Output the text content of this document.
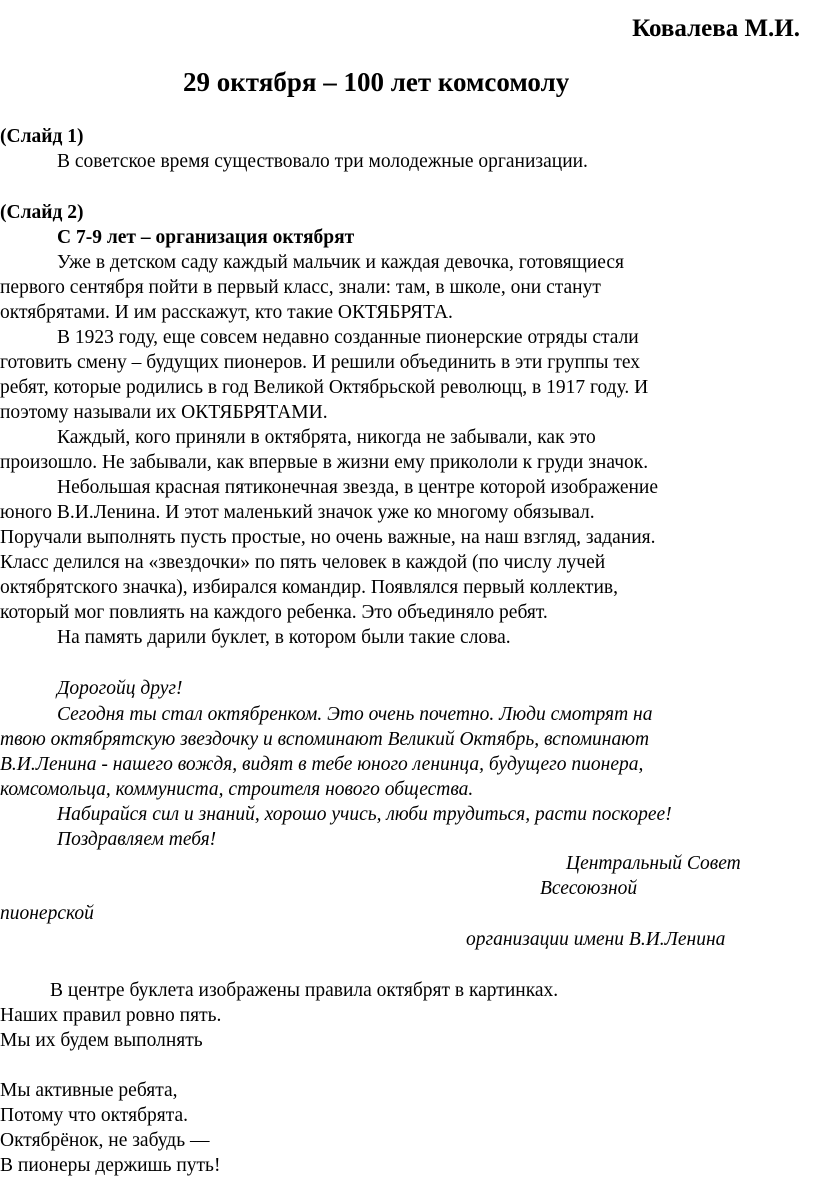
Ковалева М.И.
29 октября – 100 лет комсомолу
(Слайд 1)
В советское время существовало три молодежные организации.
(Слайд 2)
С 7-9 лет – организация октябрят
Уже в детском саду каждый мальчик и каждая девочка, готовящиеся
первого сентября пойти в первый класс, знали: там, в школе, они станут
октябрятами. И им расскажут, кто такие ОКТЯБРЯТА.
В 1923 году, еще совсем недавно созданные пионерские отряды стали
готовить смену – будущих пионеров. И решили объединить в эти группы тех
ребят, которые родились в год Великой Октябрьской революцц, в 1917 году. И
поэтому называли их ОКТЯБРЯТАМИ.
Каждый, кого приняли в октябрята, никогда не забывали, как это
произошло. Не забывали, как впервые в жизни ему прикололи к груди значок.
Небольшая красная пятиконечная звезда, в центре которой изображение
юного В.И.Ленина. И этот маленький значок уже ко многому обязывал.
Поручали выполнять пусть простые, но очень важные, на наш взгляд, задания.
Класс делился на «звездочки» по пять человек в каждой (по числу лучей
октябрятского значка), избирался командир. Появлялся первый коллектив,
который мог повлиять на каждого ребенка. Это объединяло ребят.
На память дарили буклет, в котором были такие слова.
Дорогойц друг!
Сегодня ты стал октябренком. Это очень почетно. Люди смотрят на
твою октябрятскую звездочку и вспоминают Великий Октябрь, вспоминают
В.И.Ленина - нашего вождя, видят в тебе юного ленинца, будущего пионера,
комсомольца, коммуниста, строителя нового общества.
Набирайся сил и знаний, хорошо учись, люби трудиться, расти поскорее!
Поздравляем тебя!
Центральный Совет
Всесоюзной
пионерской
организации имени В.И.Ленина
В центре буклета изображены правила октябрят в картинках.
Наших правил ровно пять.
Мы их будем выполнять
Мы активные ребята,
Потому что октябрята.
Октябрёнок, не забудь —
В пионеры держишь путь!
